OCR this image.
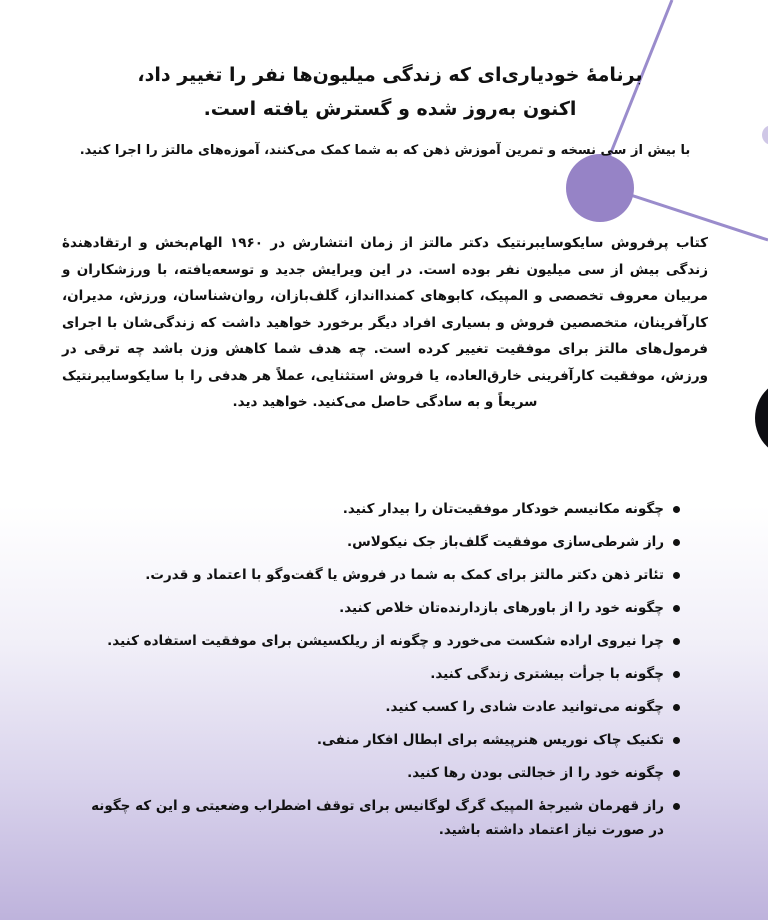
برنامهٔ خودیاری‌ای که زندگی میلیون‌ها نفر را تغییر داد،
اکنون به‌روز شده و گسترش یافته است.
با بیش از سی نسخه و تمرین آموزش ذهن که به شما کمک می‌کنند، آموزه‌های مالتز را اجرا کنید.
کتاب پرفروش سایکوسایبرنتیک دکتر مالتز از زمان انتشارش در ۱۹۶۰ الهام‌بخش و ارتقادهندهٔ زندگی بیش از سی میلیون نفر بوده است. در این ویرایش جدید و توسعه‌یافته، با ورزشکاران و مربیان معروف تخصصی و المپیک، کابوهای کمنداانداز، گلف‌بازان، روان‌شناسان، ورزش، مدیران، کارآفرینان، متخصصین فروش و بسیاری افراد دیگر برخورد خواهید داشت که زندگی‌شان با اجرای فرمول‌های مالتز برای موفقیت تغییر کرده است. چه هدف شما کاهش وزن باشد چه ترقی در ورزش، موفقیت کارآفرینی خارق‌العاده، یا فروش استثنایی، عملاً هر هدفی را با سایکوسایبرنتیک سریعاً و به سادگی حاصل می‌کنید. خواهید دید.
چگونه مکانیسم خودکار موفقیت‌تان را بیدار کنید.
راز شرطی‌سازی موفقیت گلف‌باز جک نیکولاس.
تئاتر ذهن دکتر مالتز برای کمک به شما در فروش یا گفت‌وگو با اعتماد و قدرت.
چگونه خود را از باورهای بازدارنده‌تان خلاص کنید.
چرا نیروی اراده شکست می‌خورد و چگونه از ریلکسیشن برای موفقیت استفاده کنید.
چگونه با جرأت بیشتری زندگی کنید.
چگونه می‌توانید عادت شادی را کسب کنید.
تکنیک چاک نوریس هنرپیشه برای ابطال افکار منفی.
چگونه خود را از خجالتی بودن رها کنید.
راز قهرمان شیرجهٔ المپیک گرگ لوگانیس برای توقف اضطراب وضعیتی و این که چگونه در صورت نیاز اعتماد داشته باشید.
